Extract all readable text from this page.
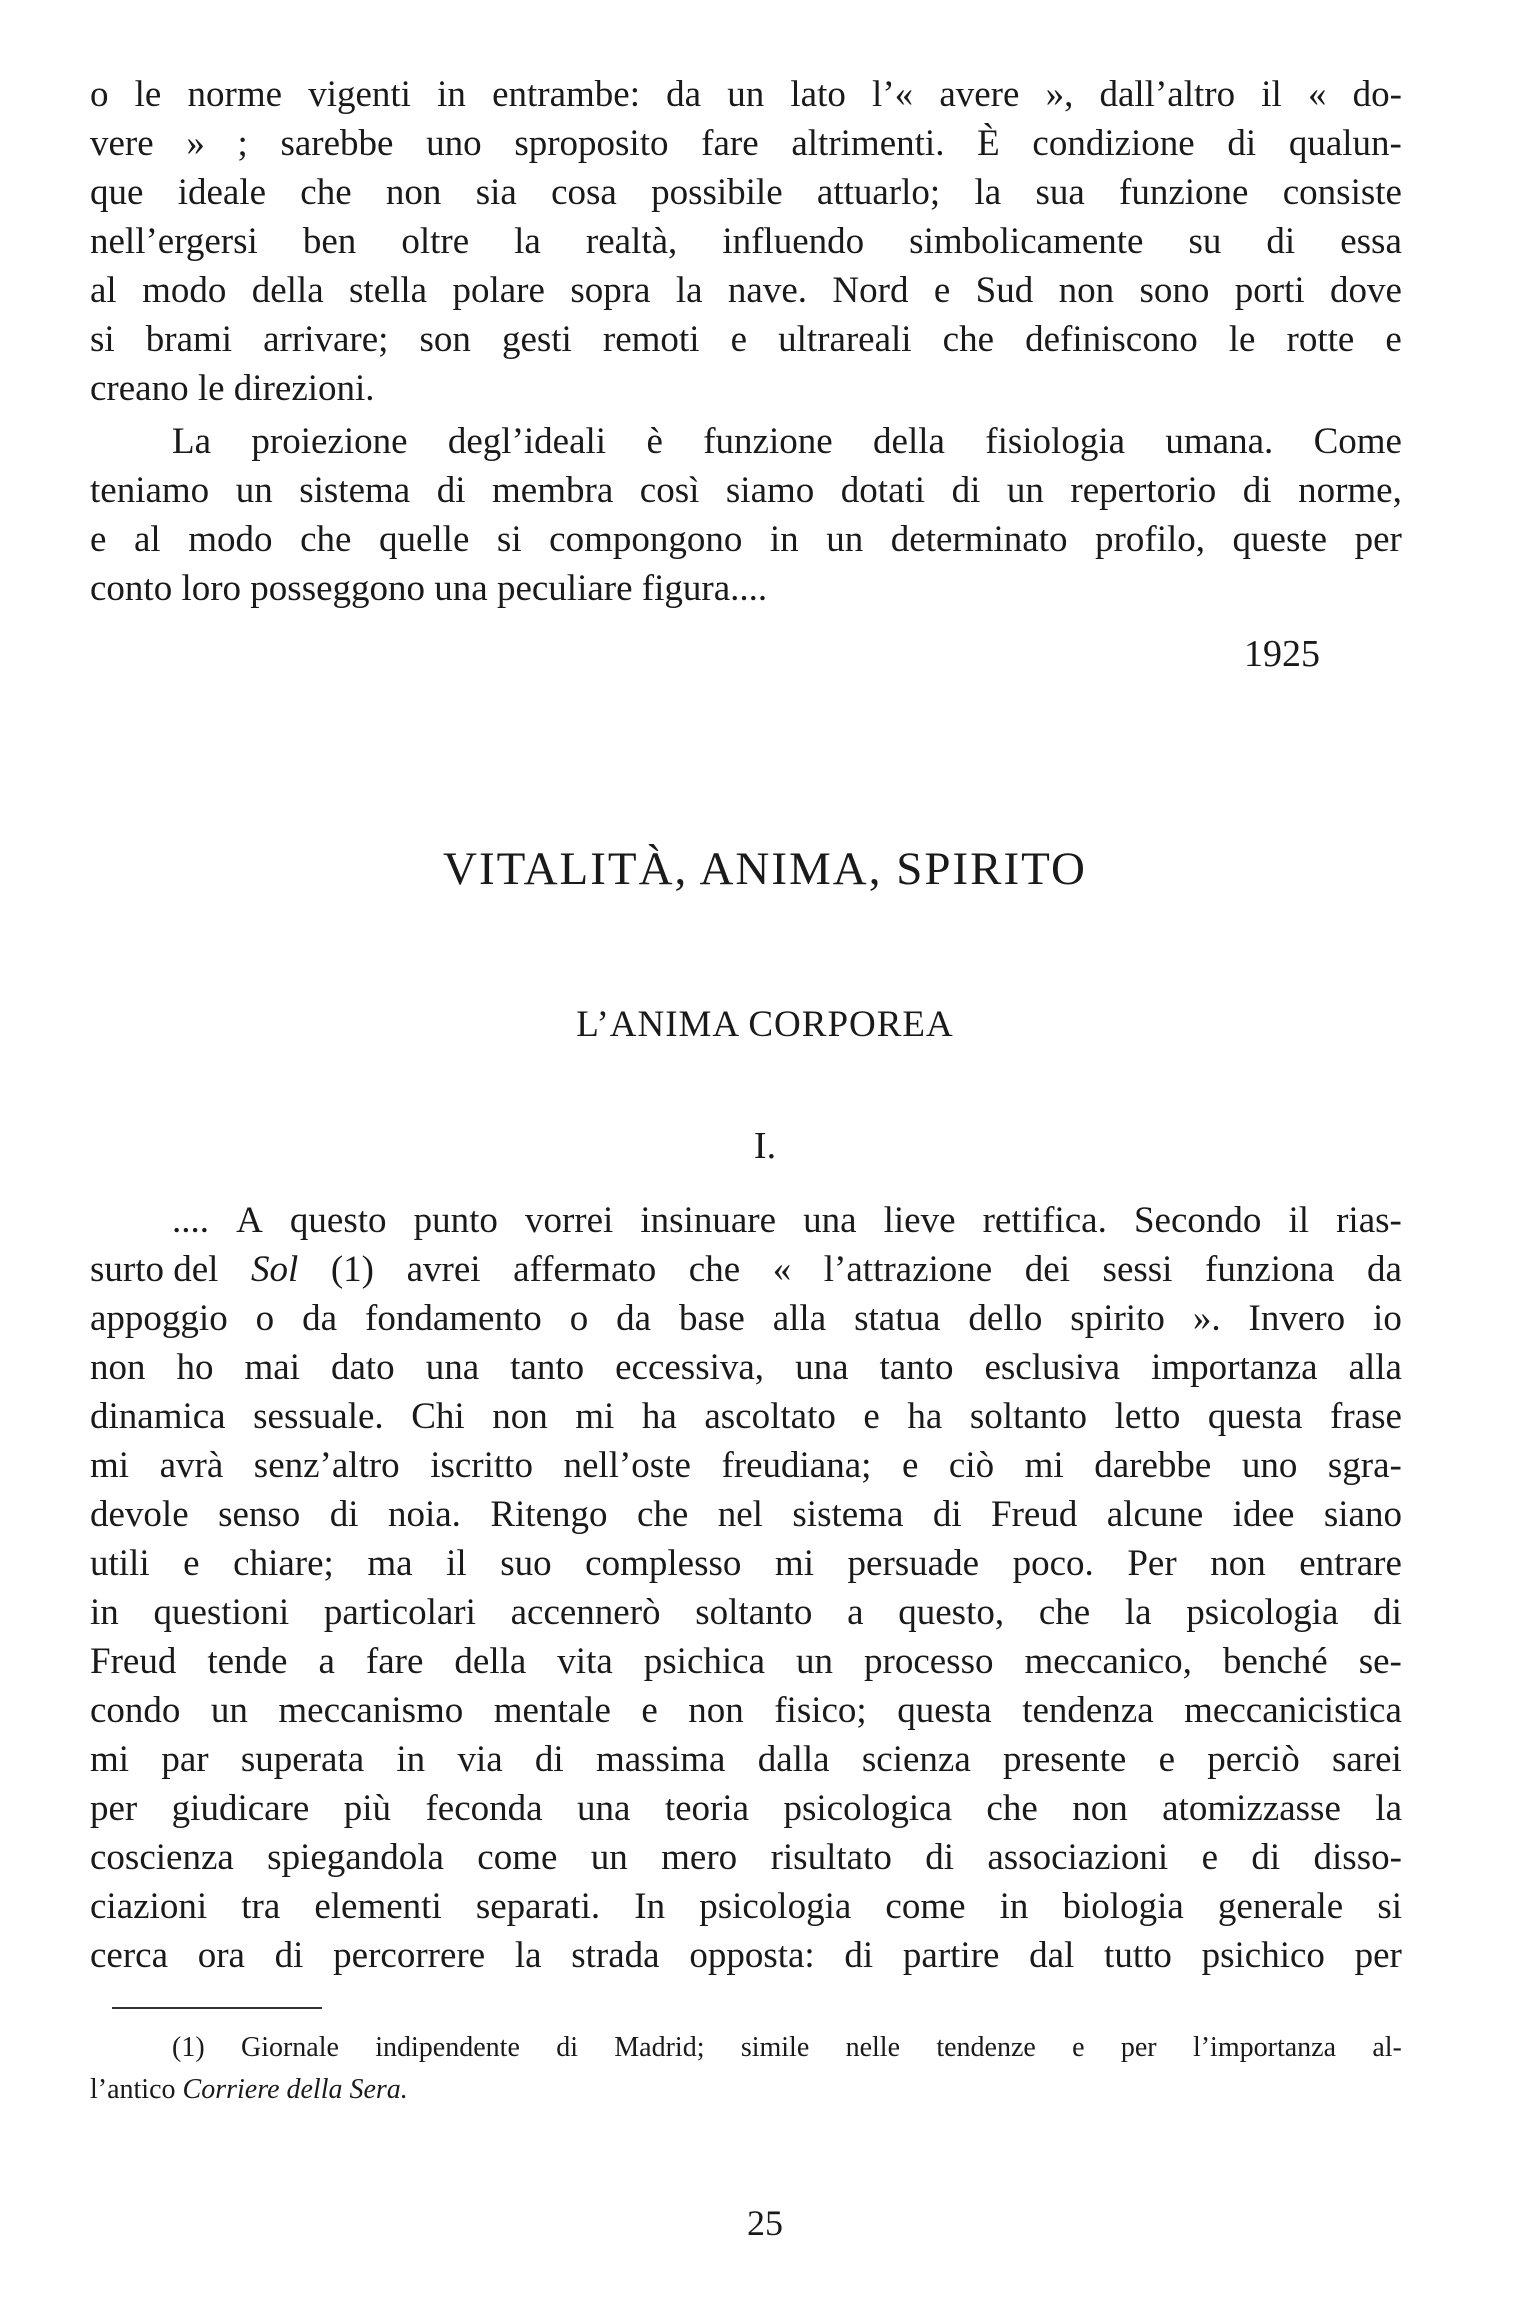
o le norme vigenti in entrambe: da un lato l’« avere », dall’altro il « do-
vere » ; sarebbe uno sproposito fare altrimenti. È condizione di qualun-
que ideale che non sia cosa possibile attuarlo; la sua funzione consiste
nell’ergersi ben oltre la realtà, influendo simbolicamente su di essa
al modo della stella polare sopra la nave. Nord e Sud non sono porti dove
si brami arrivare; son gesti remoti e ultrareali che definiscono le rotte e
creano le direzioni.
La proiezione degl’ideali è funzione della fisiologia umana. Come
teniamo un sistema di membra così siamo dotati di un repertorio di norme,
e al modo che quelle si compongono in un determinato profilo, queste per
conto loro posseggono una peculiare figura....
1925
VITALITÀ, ANIMA, SPIRITO
L’ANIMA CORPOREA
I.
.... A questo punto vorrei insinuare una lieve rettifica. Secondo il rias-
surto del Sol (1) avrei affermato che « l’attrazione dei sessi funziona da
appoggio o da fondamento o da base alla statua dello spirito ». Invero io
non ho mai dato una tanto eccessiva, una tanto esclusiva importanza alla
dinamica sessuale. Chi non mi ha ascoltato e ha soltanto letto questa frase
mi avrà senz’altro iscritto nell’oste freudiana; e ciò mi darebbe uno sgra-
devole senso di noia. Ritengo che nel sistema di Freud alcune idee siano
utili e chiare; ma il suo complesso mi persuade poco. Per non entrare
in questioni particolari accennerò soltanto a questo, che la psicologia di
Freud tende a fare della vita psichica un processo meccanico, benché se-
condo un meccanismo mentale e non fisico; questa tendenza meccanicistica
mi par superata in via di massima dalla scienza presente e perciò sarei
per giudicare più feconda una teoria psicologica che non atomizzasse la
coscienza spiegandola come un mero risultato di associazioni e di disso-
ciazioni tra elementi separati. In psicologia come in biologia generale si
cerca ora di percorrere la strada opposta: di partire dal tutto psichico per
(1) Giornale indipendente di Madrid; simile nelle tendenze e per l’importanza al-
l’antico
Corriere della Sera.
25
